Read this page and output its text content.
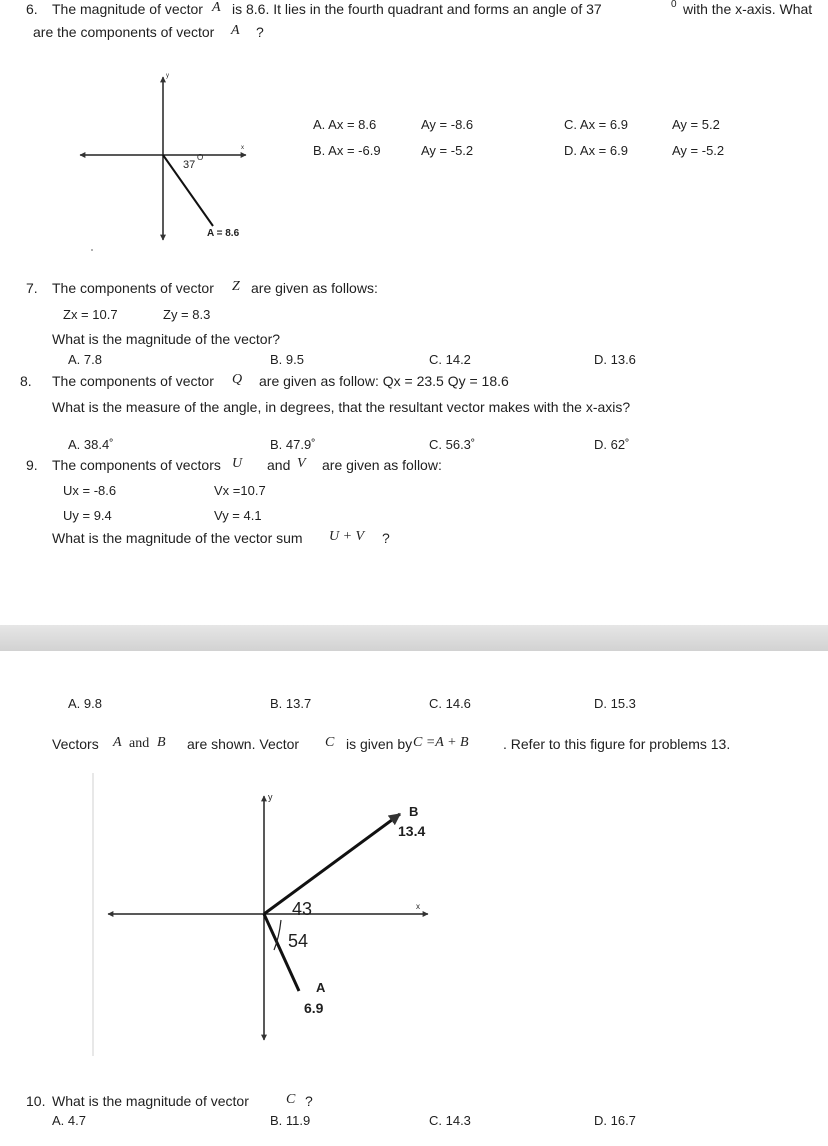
6. The magnitude of vector A is 8.6. It lies in the fourth quadrant and forms an angle of 37	0 with the x-axis. What
are the components of vector A ?
y
x
37
O
A = 8.6
A. Ax = 8.6	Ay = -8.6
B. Ax = -6.9	Ay = -5.2
C. Ax = 6.9	Ay = 5.2
D. Ax = 6.9	Ay = -5.2
7. The components of vector Z are given as follows:
Zx = 10.7	Zy = 8.3
What is the magnitude of the vector?
A. 7.8	B. 9.5	C. 14.2	D. 13.6
8. The components of vector Q are given as follow: Qx = 23.5 Qy = 18.6
What is the measure of the angle, in degrees, that the resultant vector makes with the x-axis?
A. 38.4˚	B. 47.9˚	C. 56.3˚	D. 62˚
9. The components of vectors U and V are given as follow:
Ux = -8.6	Vx =10.7
Uy = 9.4	Vy = 4.1
What is the magnitude of the vector sum U + V ?
A. 9.8	B. 13.7	C. 14.6	D. 15.3
Vectors A and B are shown. Vector C is given by C =A + B . Refer to this figure for problems 13.
y
x
B
13.4
43
54
A
6.9
10. What is the magnitude of vector	C ?
A. 4.7	B. 11.9	C. 14.3	D. 16.7
